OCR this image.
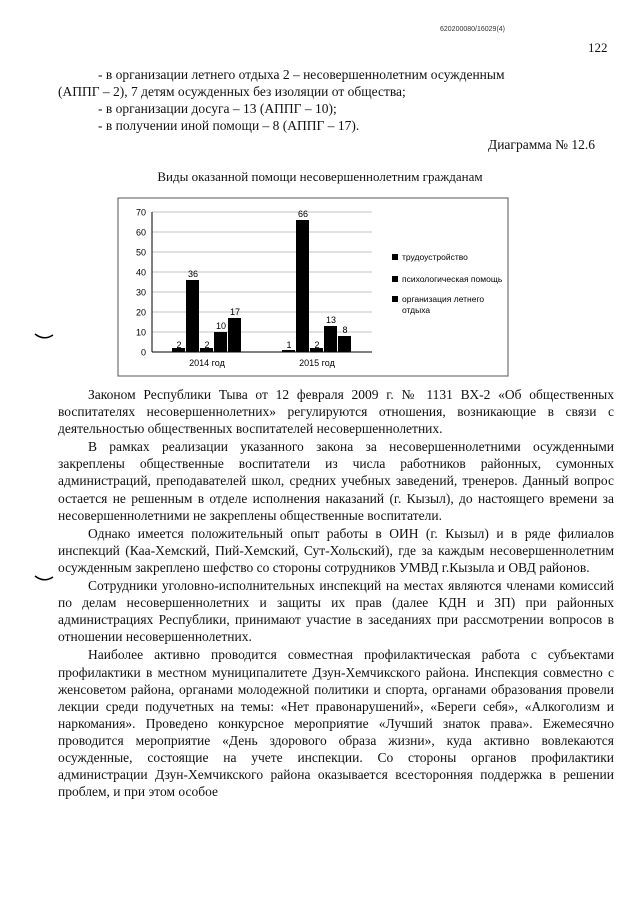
620200080/16029(4)
122
- в организации летнего отдыха 2 – несовершеннолетним осужденным
(АППГ – 2), 7 детям осужденных без изоляции от общества;
- в организации досуга – 13 (АППГ – 10);
- в получении иной помощи – 8 (АППГ – 17).
Диаграмма № 12.6
Виды оказанной помощи несовершеннолетним гражданам
0
10
20
30
40
50
60
70
2
36
2
10
17
2014 год
1
66
2
13
8
2015 год
трудоустройство
психологическая помощь
организация летнего отдыха

Законом Республики Тыва от 12 февраля 2009 г. № 1131 ВХ-2 «Об общественных воспитателях несовершеннолетних» регулируются отношения, возникающие в связи с деятельностью общественных воспитателей несовершеннолетних.

В рамках реализации указанного закона за несовершеннолетними осужденными закреплены общественные воспитатели из числа работников районных, сумонных администраций, преподавателей школ, средних учебных заведений, тренеров. Данный вопрос остается не решенным в отделе исполнения наказаний (г. Кызыл), до настоящего времени за несовершеннолетними не закреплены общественные воспитатели.

Однако имеется положительный опыт работы в ОИН (г. Кызыл) и в ряде филиалов инспекций (Каа-Хемский, Пий-Хемский, Сут-Хольский), где за каждым несовершеннолетним осужденным закреплено шефство со стороны сотрудников УМВД г.Кызыла и ОВД районов.

Сотрудники уголовно-исполнительных инспекций на местах являются членами комиссий по делам несовершеннолетних и защиты их прав (далее КДН и ЗП) при районных администрациях Республики, принимают участие в заседаниях при рассмотрении вопросов в отношении несовершеннолетних.

Наиболее активно проводится совместная профилактическая работа с субъектами профилактики в местном муниципалитете Дзун-Хемчикского района. Инспекция совместно с женсоветом района, органами молодежной политики и спорта, органами образования провели лекции среди подучетных на темы: «Нет правонарушений», «Береги себя», «Алкоголизм и наркомания». Проведено конкурсное мероприятие «Лучший знаток права». Ежемесячно проводится мероприятие «День здорового образа жизни», куда активно вовлекаются осужденные, состоящие на учете инспекции. Со стороны органов профилактики администрации Дзун-Хемчикского района оказывается всесторонняя поддержка в решении проблем, и при этом особое
